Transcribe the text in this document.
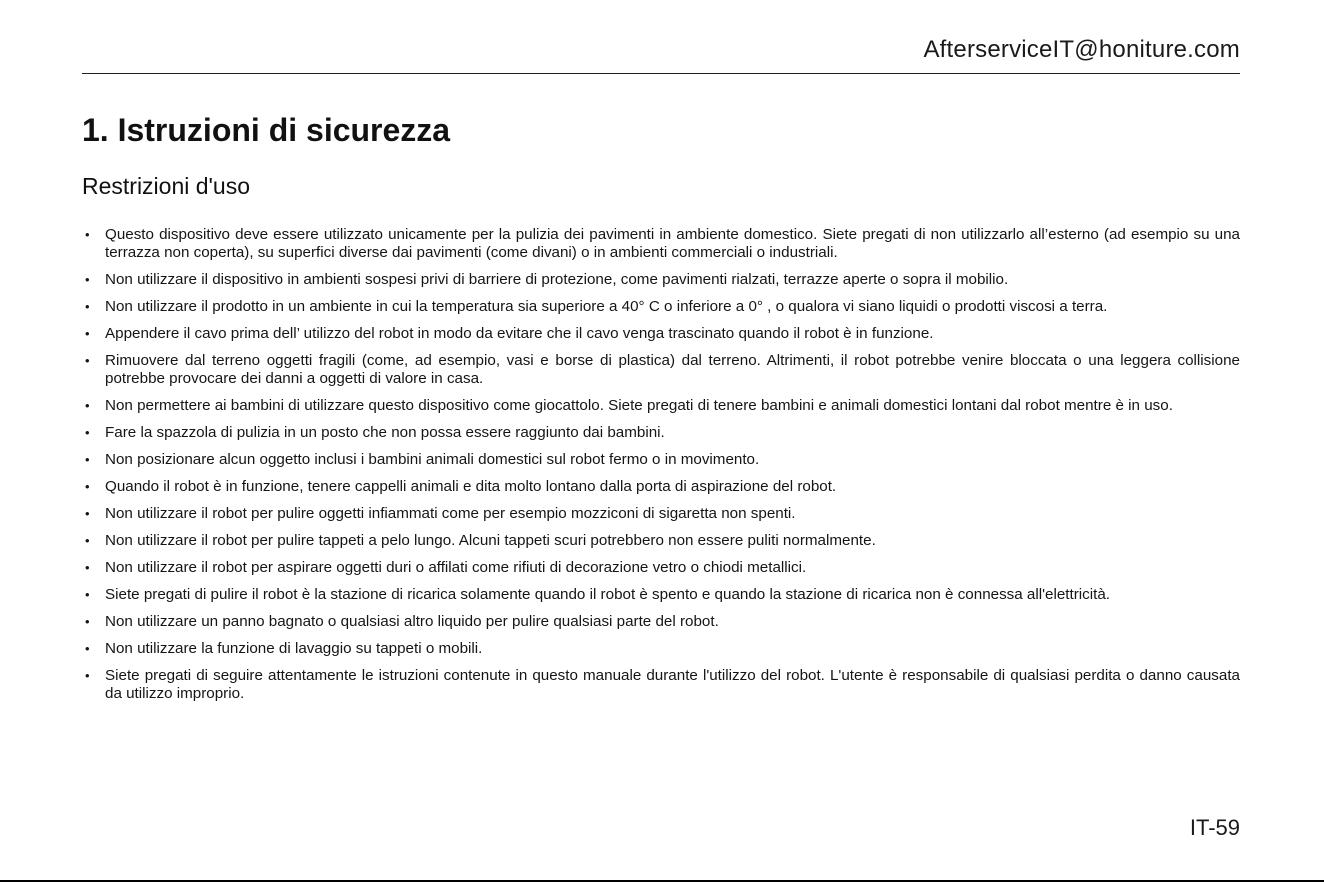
AfterserviceIT@honiture.com
1. Istruzioni di sicurezza
Restrizioni d'uso
• Questo dispositivo deve essere utilizzato unicamente per la pulizia dei pavimenti in ambiente domestico. Siete pregati di non utilizzarlo all’esterno (ad esempio su una terrazza non coperta), su superfici diverse dai pavimenti (come divani) o in ambienti commerciali o industriali.
• Non utilizzare il dispositivo in ambienti sospesi privi di barriere di protezione, come pavimenti rialzati, terrazze aperte o sopra il mobilio.
• Non utilizzare il prodotto in un ambiente in cui la temperatura sia superiore a 40° C o inferiore a 0° , o qualora vi siano liquidi o prodotti viscosi a terra.
• Appendere il cavo prima dell’ utilizzo del robot in modo da evitare che il cavo venga trascinato quando il robot è in funzione.
• Rimuovere dal terreno oggetti fragili (come, ad esempio, vasi e borse di plastica) dal terreno. Altrimenti, il robot potrebbe venire bloccata o una leggera collisione potrebbe provocare dei danni a oggetti di valore in casa.
• Non permettere ai bambini di utilizzare questo dispositivo come giocattolo. Siete pregati di tenere bambini e animali domestici lontani dal robot mentre è in uso.
• Fare la spazzola di pulizia in un posto che non possa essere raggiunto dai bambini.
• Non posizionare alcun oggetto inclusi i bambini animali domestici sul robot fermo o in movimento.
• Quando il robot è in funzione, tenere cappelli animali e dita molto lontano dalla porta di aspirazione del robot.
• Non utilizzare il robot per pulire oggetti infiammati come per esempio mozziconi di sigaretta non spenti.
• Non utilizzare il robot per pulire tappeti a pelo lungo. Alcuni tappeti scuri potrebbero non essere puliti normalmente.
• Non utilizzare il robot per aspirare oggetti duri o affilati come rifiuti di decorazione vetro o chiodi metallici.
• Siete pregati di pulire il robot è la stazione di ricarica solamente quando il robot è spento e quando la stazione di ricarica non è connessa all'elettricità.
• Non utilizzare un panno bagnato o qualsiasi altro liquido per pulire qualsiasi parte del robot.
• Non utilizzare la funzione di lavaggio su tappeti o mobili.
• Siete pregati di seguire attentamente le istruzioni contenute in questo manuale durante l'utilizzo del robot. L'utente è responsabile di qualsiasi perdita o danno causata da utilizzo improprio.
IT-59
